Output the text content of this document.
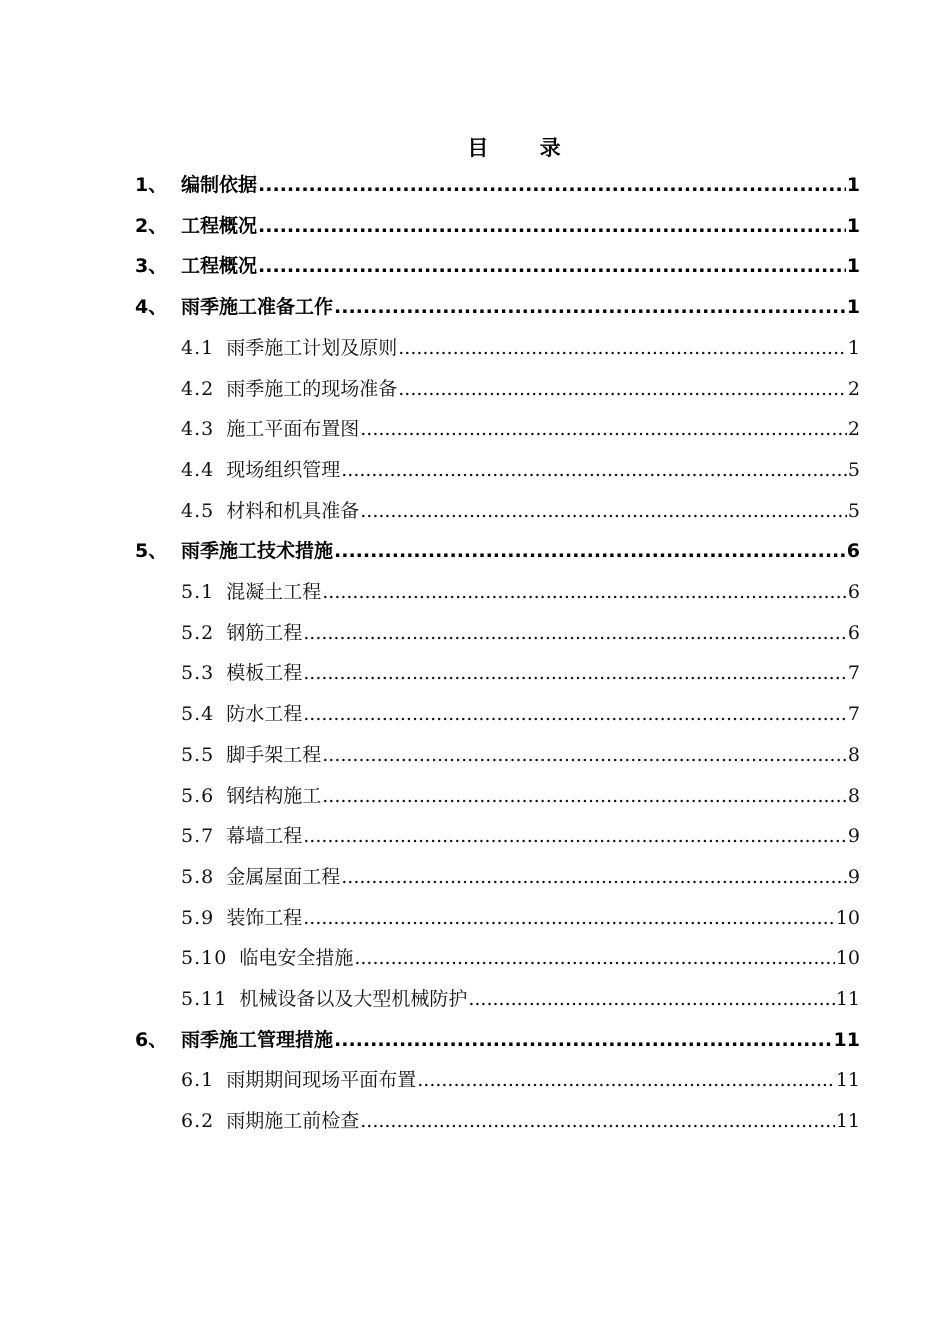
目 录
1、 编制依据 .....	1
2、 工程概况 .....	1
3、 工程概况 .....	1
4、 雨季施工准备工作 .....	1
4.1 雨季施工计划及原则 .....	1
4.2 雨季施工的现场准备 .....	2
4.3 施工平面布置图 .....	2
4.4 现场组织管理 .....	5
4.5 材料和机具准备 .....	5
5、 雨季施工技术措施 .....	6
5.1 混凝土工程 .....	6
5.2 钢筋工程 .....	6
5.3 模板工程 .....	7
5.4 防水工程 .....	7
5.5 脚手架工程 .....	8
5.6 钢结构施工 .....	8
5.7 幕墙工程 .....	9
5.8 金属屋面工程 .....	9
5.9 装饰工程 .....	10
5.10 临电安全措施 .....	10
5.11 机械设备以及大型机械防护 .....	11
6、 雨季施工管理措施 .....	11
6.1 雨期期间现场平面布置 .....	11
6.2 雨期施工前检查 .....	11
